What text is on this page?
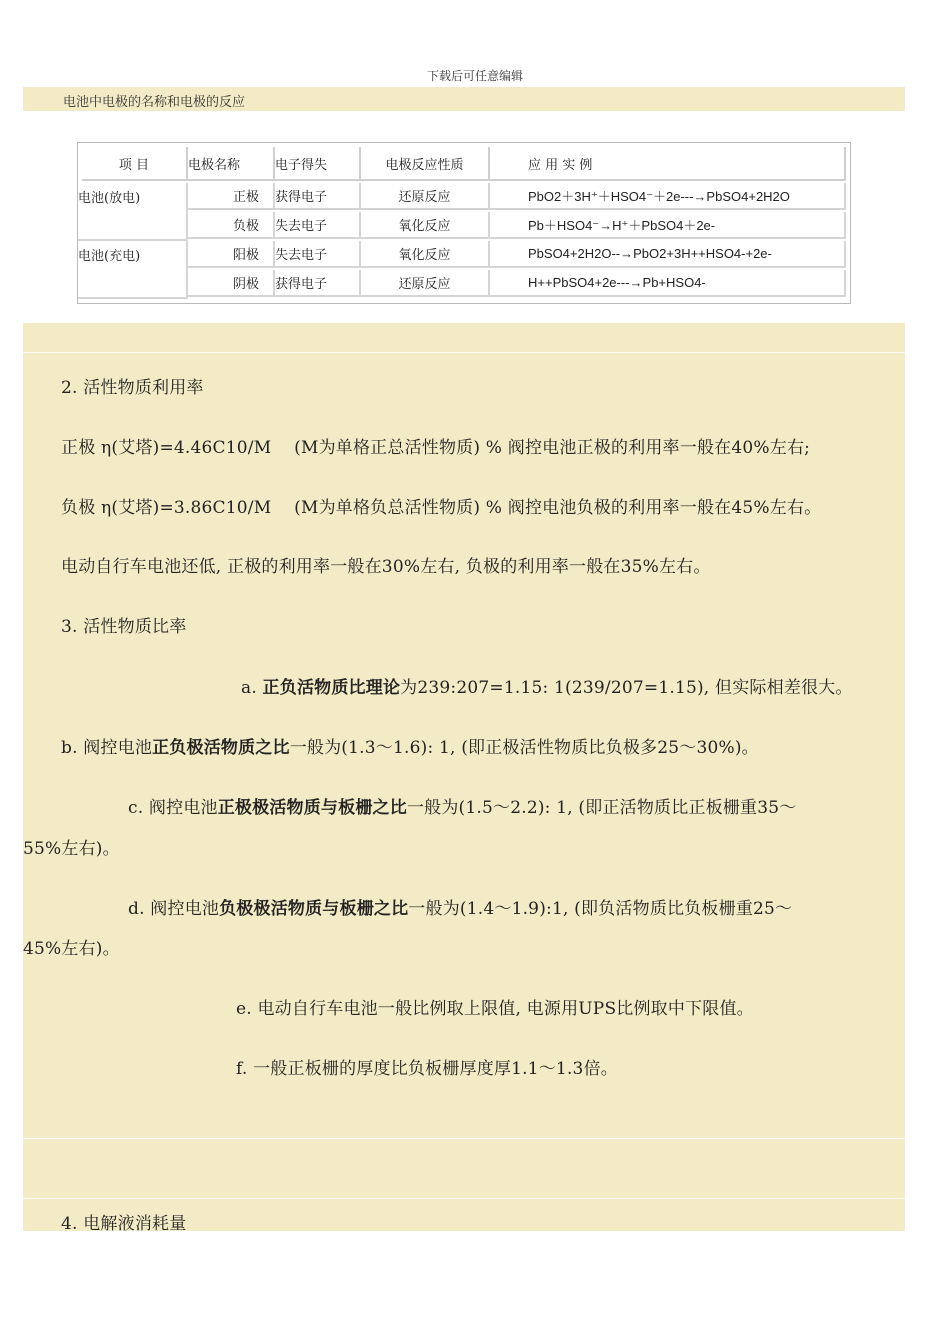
下载后可任意编辑
电池中电极的名称和电极的反应
项 目	电极名称	电子得失	电极反应性质	应 用 实 例
电池(放电)
电池(充电)
正极	获得电子	还原反应	PbO2＋3H⁺＋HSO4⁻＋2e---→PbSO4+2H2O
负极	失去电子	氧化反应	Pb＋HSO4⁻→H⁺＋PbSO4＋2e-
阳极	失去电子	氧化反应	PbSO4+2H2O--→PbO2+3H++HSO4-+2e-
阴极	获得电子	还原反应	H++PbSO4+2e---→Pb+HSO4-
2. 活性物质利用率
正极 η(艾塔)=4.46C10/M　 (M为单格正总活性物质) % 阀控电池正极的利用率一般在40%左右;
负极 η(艾塔)=3.86C10/M　 (M为单格负总活性物质) % 阀控电池负极的利用率一般在45%左右。
电动自行车电池还低, 正极的利用率一般在30%左右, 负极的利用率一般在35%左右。
3. 活性物质比率
a. 正负活物质比理论为239:207=1.15: 1(239/207=1.15), 但实际相差很大。
b. 阀控电池正负极活物质之比一般为(1.3～1.6): 1, (即正极活性物质比负极多25～30%)。
c. 阀控电池正极极活物质与板栅之比一般为(1.5～2.2): 1, (即正活物质比正板栅重35～
55%左右)。
d. 阀控电池负极极活物质与板栅之比一般为(1.4～1.9):1, (即负活物质比负板栅重25～
45%左右)。
e. 电动自行车电池一般比例取上限值, 电源用UPS比例取中下限值。
f. 一般正板栅的厚度比负板栅厚度厚1.1～1.3倍。
4. 电解液消耗量
